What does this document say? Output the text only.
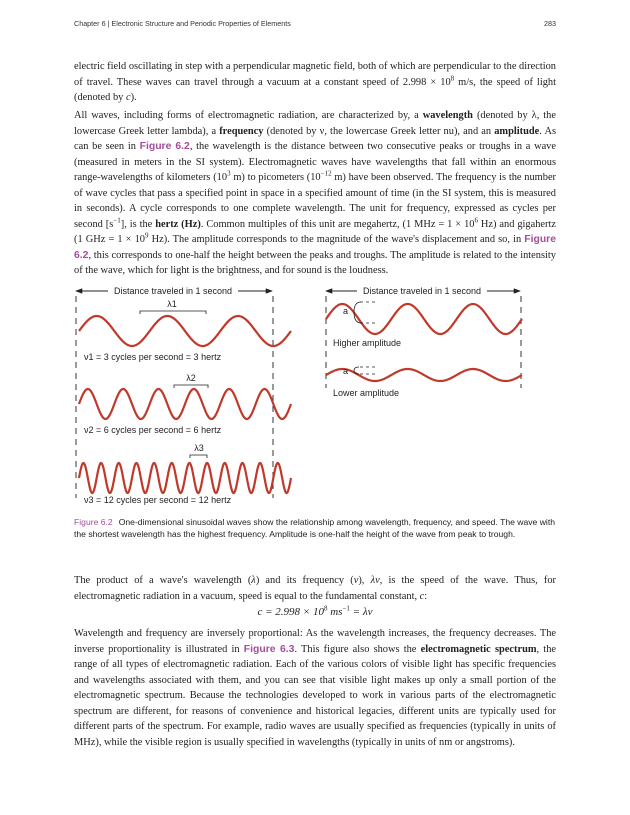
Chapter 6 | Electronic Structure and Periodic Properties of Elements	283

electric field oscillating in step with a perpendicular magnetic field, both of which are perpendicular to the direction of travel. These waves can travel through a vacuum at a constant speed of $2.998 \times 10^8$ m/s, the speed of light (denoted by c).

All waves, including forms of electromagnetic radiation, are characterized by, a wavelength (denoted by λ, the lowercase Greek letter lambda), a frequency (denoted by ν, the lowercase Greek letter nu), and an amplitude. As can be seen in Figure 6.2, the wavelength is the distance between two consecutive peaks or troughs in a wave (measured in meters in the SI system). Electromagnetic waves have wavelengths that fall within an enormous range-wavelengths of kilometers ($10^3$ m) to picometers ($10^{-12}$ m) have been observed. The frequency is the number of wave cycles that pass a specified point in space in a specified amount of time (in the SI system, this is measured in seconds). A cycle corresponds to one complete wavelength. The unit for frequency, expressed as cycles per second $[s^{-1}]$, is the hertz (Hz). Common multiples of this unit are megahertz, (1 MHz = $1 \times 10^6$ Hz) and gigahertz (1 GHz = $1 \times 10^9$ Hz). The amplitude corresponds to the magnitude of the wave's displacement and so, in Figure 6.2, this corresponds to one-half the height between the peaks and troughs. The amplitude is related to the intensity of the wave, which for light is the brightness, and for sound is the loudness.

Distance traveled in 1 second
λ1
λ2
λ3
ν1 = 3 cycles per second = 3 hertz
ν2 = 6 cycles per second = 6 hertz
ν3 = 12 cycles per second = 12 hertz
Distance traveled in 1 second
a
Higher amplitude
a
Lower amplitude
Figure 6.2 One-dimensional sinusoidal waves show the relationship among wavelength, frequency, and speed. The wave with the shortest wavelength has the highest frequency. Amplitude is one-half the height of the wave from peak to trough.

The product of a wave's wavelength (λ) and its frequency (ν), λν, is the speed of the wave. Thus, for electromagnetic radiation in a vacuum, speed is equal to the fundamental constant, c:

$c = 2.998 \times 10^8$ $ms^{-1} = \lambda\nu$

Wavelength and frequency are inversely proportional: As the wavelength increases, the frequency decreases. The inverse proportionality is illustrated in Figure 6.3. This figure also shows the electromagnetic spectrum, the range of all types of electromagnetic radiation. Each of the various colors of visible light has specific frequencies and wavelengths associated with them, and you can see that visible light makes up only a small portion of the electromagnetic spectrum. Because the technologies developed to work in various parts of the electromagnetic spectrum are different, for reasons of convenience and historical legacies, different units are typically used for different parts of the spectrum. For example, radio waves are usually specified as frequencies (typically in units of MHz), while the visible region is usually specified in wavelengths (typically in units of nm or angstroms).
